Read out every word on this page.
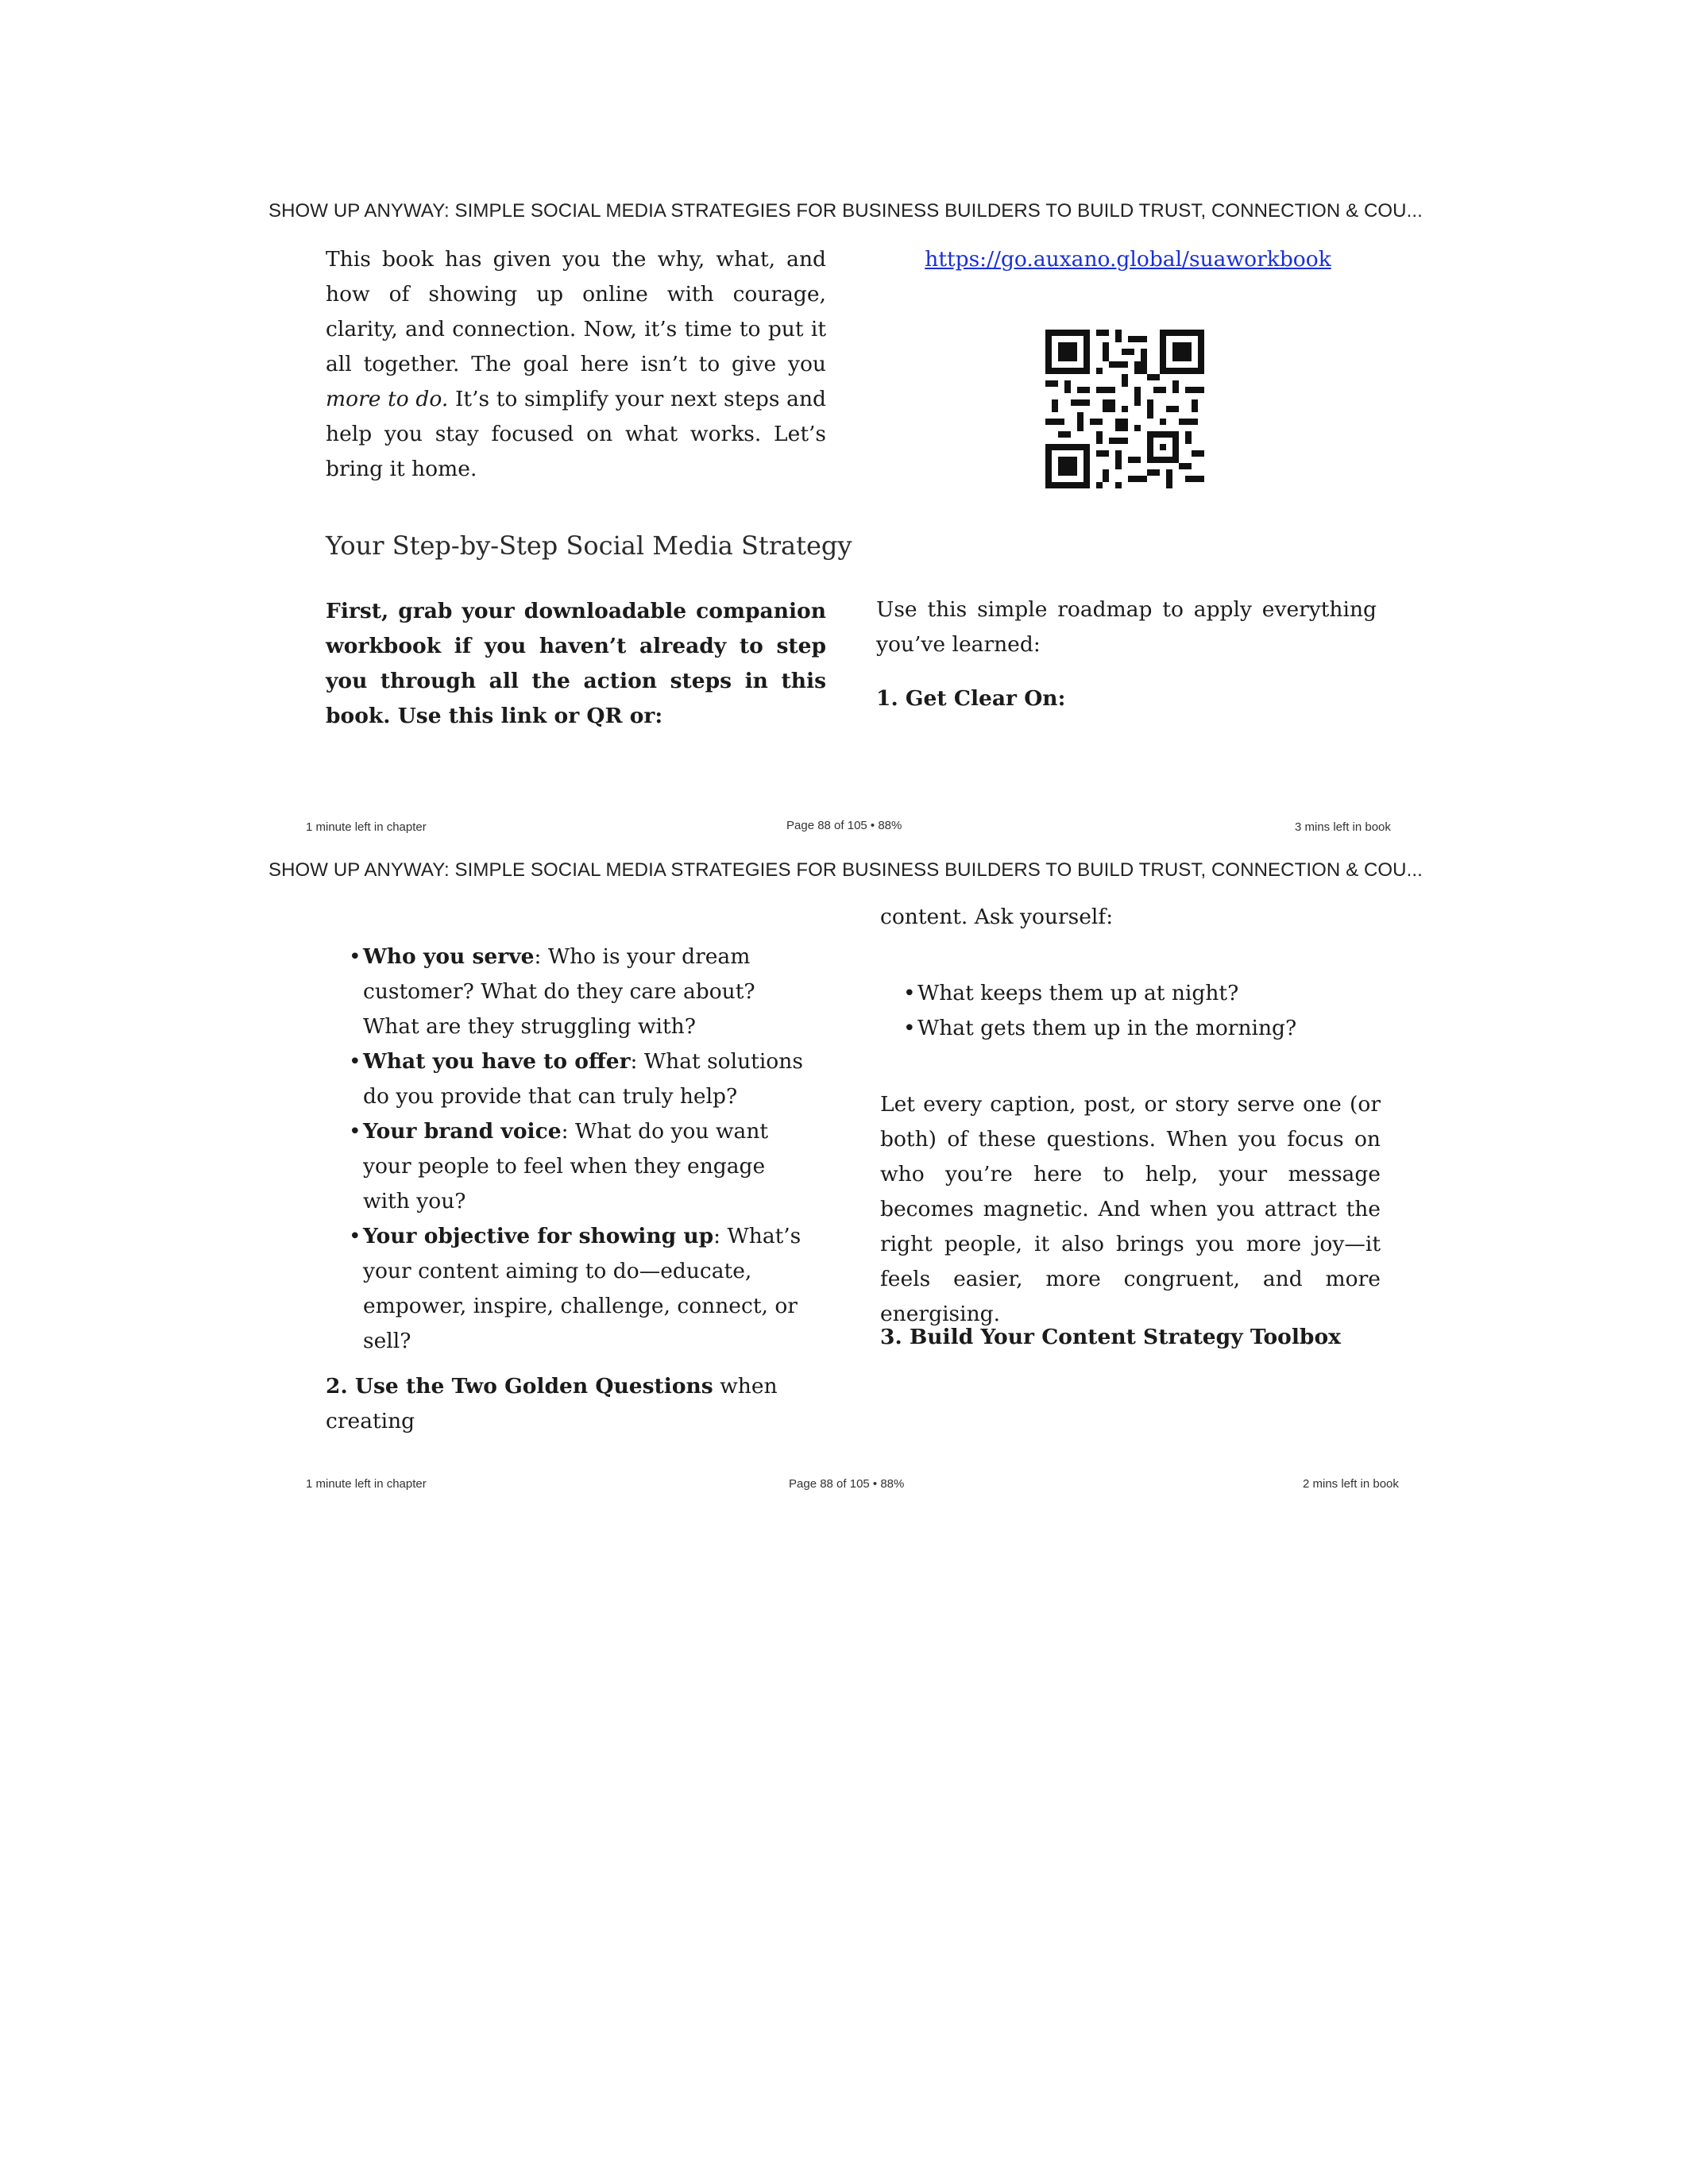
SHOW UP ANYWAY: SIMPLE SOCIAL MEDIA STRATEGIES FOR BUSINESS BUILDERS TO BUILD TRUST, CONNECTION & COU...

This book has given you the why, what, and how of showing up online with courage, clarity, and connection. Now, it’s time to put it all together. The goal here isn’t to give you more to do. It’s to simplify your next steps and help you stay focused on what works. Let’s bring it home.

https://go.auxano.global/suaworkbook
Your Step-by-Step Social Media Strategy

First, grab your downloadable companion workbook if you haven’t already to step you through all the action steps in this book. Use this link or QR or:

Use this simple roadmap to apply everything you’ve learned:

1. Get Clear On:
1 minute left in chapter	Page 88 of 105 • 88%	3 mins left in book
SHOW UP ANYWAY: SIMPLE SOCIAL MEDIA STRATEGIES FOR BUSINESS BUILDERS TO BUILD TRUST, CONNECTION & COU...
• Who you serve: Who is your dream customer? What do they care about? What are they struggling with?
• What you have to offer: What solutions do you provide that can truly help?
• Your brand voice: What do you want your people to feel when they engage with you?
• Your objective for showing up: What’s your content aiming to do—educate, empower, inspire, challenge, connect, or sell?
2. Use the Two Golden Questions when creating
content. Ask yourself:
• What keeps them up at night?
• What gets them up in the morning?

Let every caption, post, or story serve one (or both) of these questions. When you focus on who you’re here to help, your message becomes magnetic. And when you attract the right people, it also brings you more joy—it feels easier, more congruent, and more energising.

3. Build Your Content Strategy Toolbox
1 minute left in chapter	Page 88 of 105 • 88%	2 mins left in book
